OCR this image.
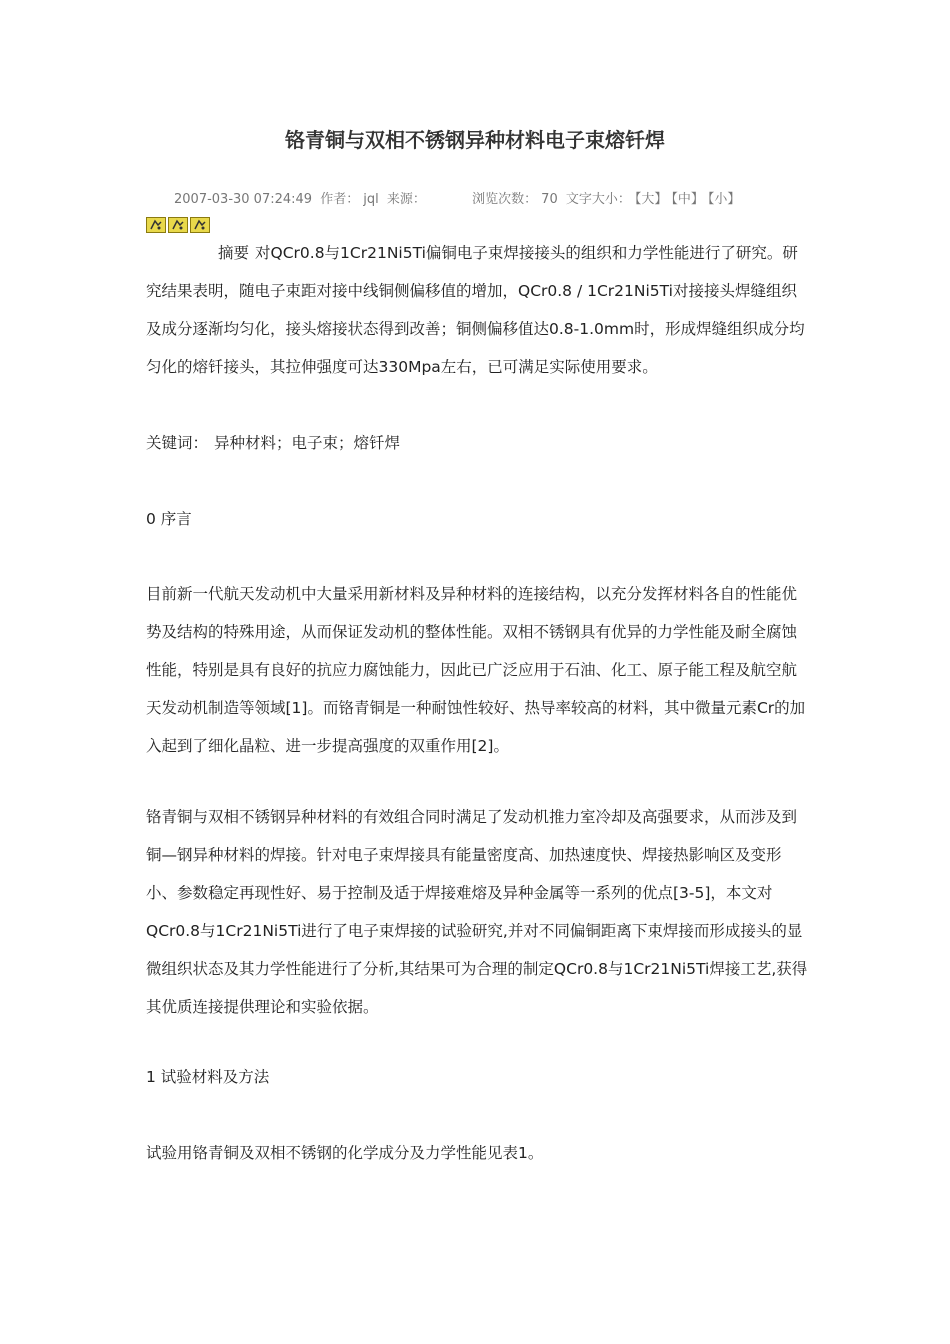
铬青铜与双相不锈钢异种材料电子束熔钎焊
2007-03-30 07:24:49 作者： jql 来源：	浏览次数： 70 文字大小： 【大】 【中】 【小】
摘要 对QCr0.8与1Cr21Ni5Ti偏铜电子束焊接接头的组织和力学性能进行了研究。研究结果表明，随电子束距对接中线铜侧偏移值的增加，QCr0.8 / 1Cr21Ni5Ti对接接头焊缝组织及成分逐渐均匀化，接头熔接状态得到改善；铜侧偏移值达0.8-1.0mm时，形成焊缝组织成分均匀化的熔钎接头，其拉伸强度可达330Mpa左右，已可满足实际使用要求。
关键词： 异种材料；电子束；熔钎焊
0 序言
目前新一代航天发动机中大量采用新材料及异种材料的连接结构，以充分发挥材料各自的性能优势及结构的特殊用途，从而保证发动机的整体性能。双相不锈钢具有优异的力学性能及耐全腐蚀性能，特别是具有良好的抗应力腐蚀能力，因此已广泛应用于石油、化工、原子能工程及航空航天发动机制造等领域[1]。而铬青铜是一种耐蚀性较好、热导率较高的材料，其中微量元素Cr的加入起到了细化晶粒、进一步提高强度的双重作用[2]。
铬青铜与双相不锈钢异种材料的有效组合同时满足了发动机推力室冷却及高强要求，从而涉及到铜—钢异种材料的焊接。针对电子束焊接具有能量密度高、加热速度快、焊接热影响区及变形小、参数稳定再现性好、易于控制及适于焊接难熔及异种金属等一系列的优点[3-5]，本文对QCr0.8与1Cr21Ni5Ti进行了电子束焊接的试验研究,并对不同偏铜距离下束焊接而形成接头的显微组织状态及其力学性能进行了分析,其结果可为合理的制定QCr0.8与1Cr21Ni5Ti焊接工艺,获得其优质连接提供理论和实验依据。
1 试验材料及方法
试验用铬青铜及双相不锈钢的化学成分及力学性能见表1。
